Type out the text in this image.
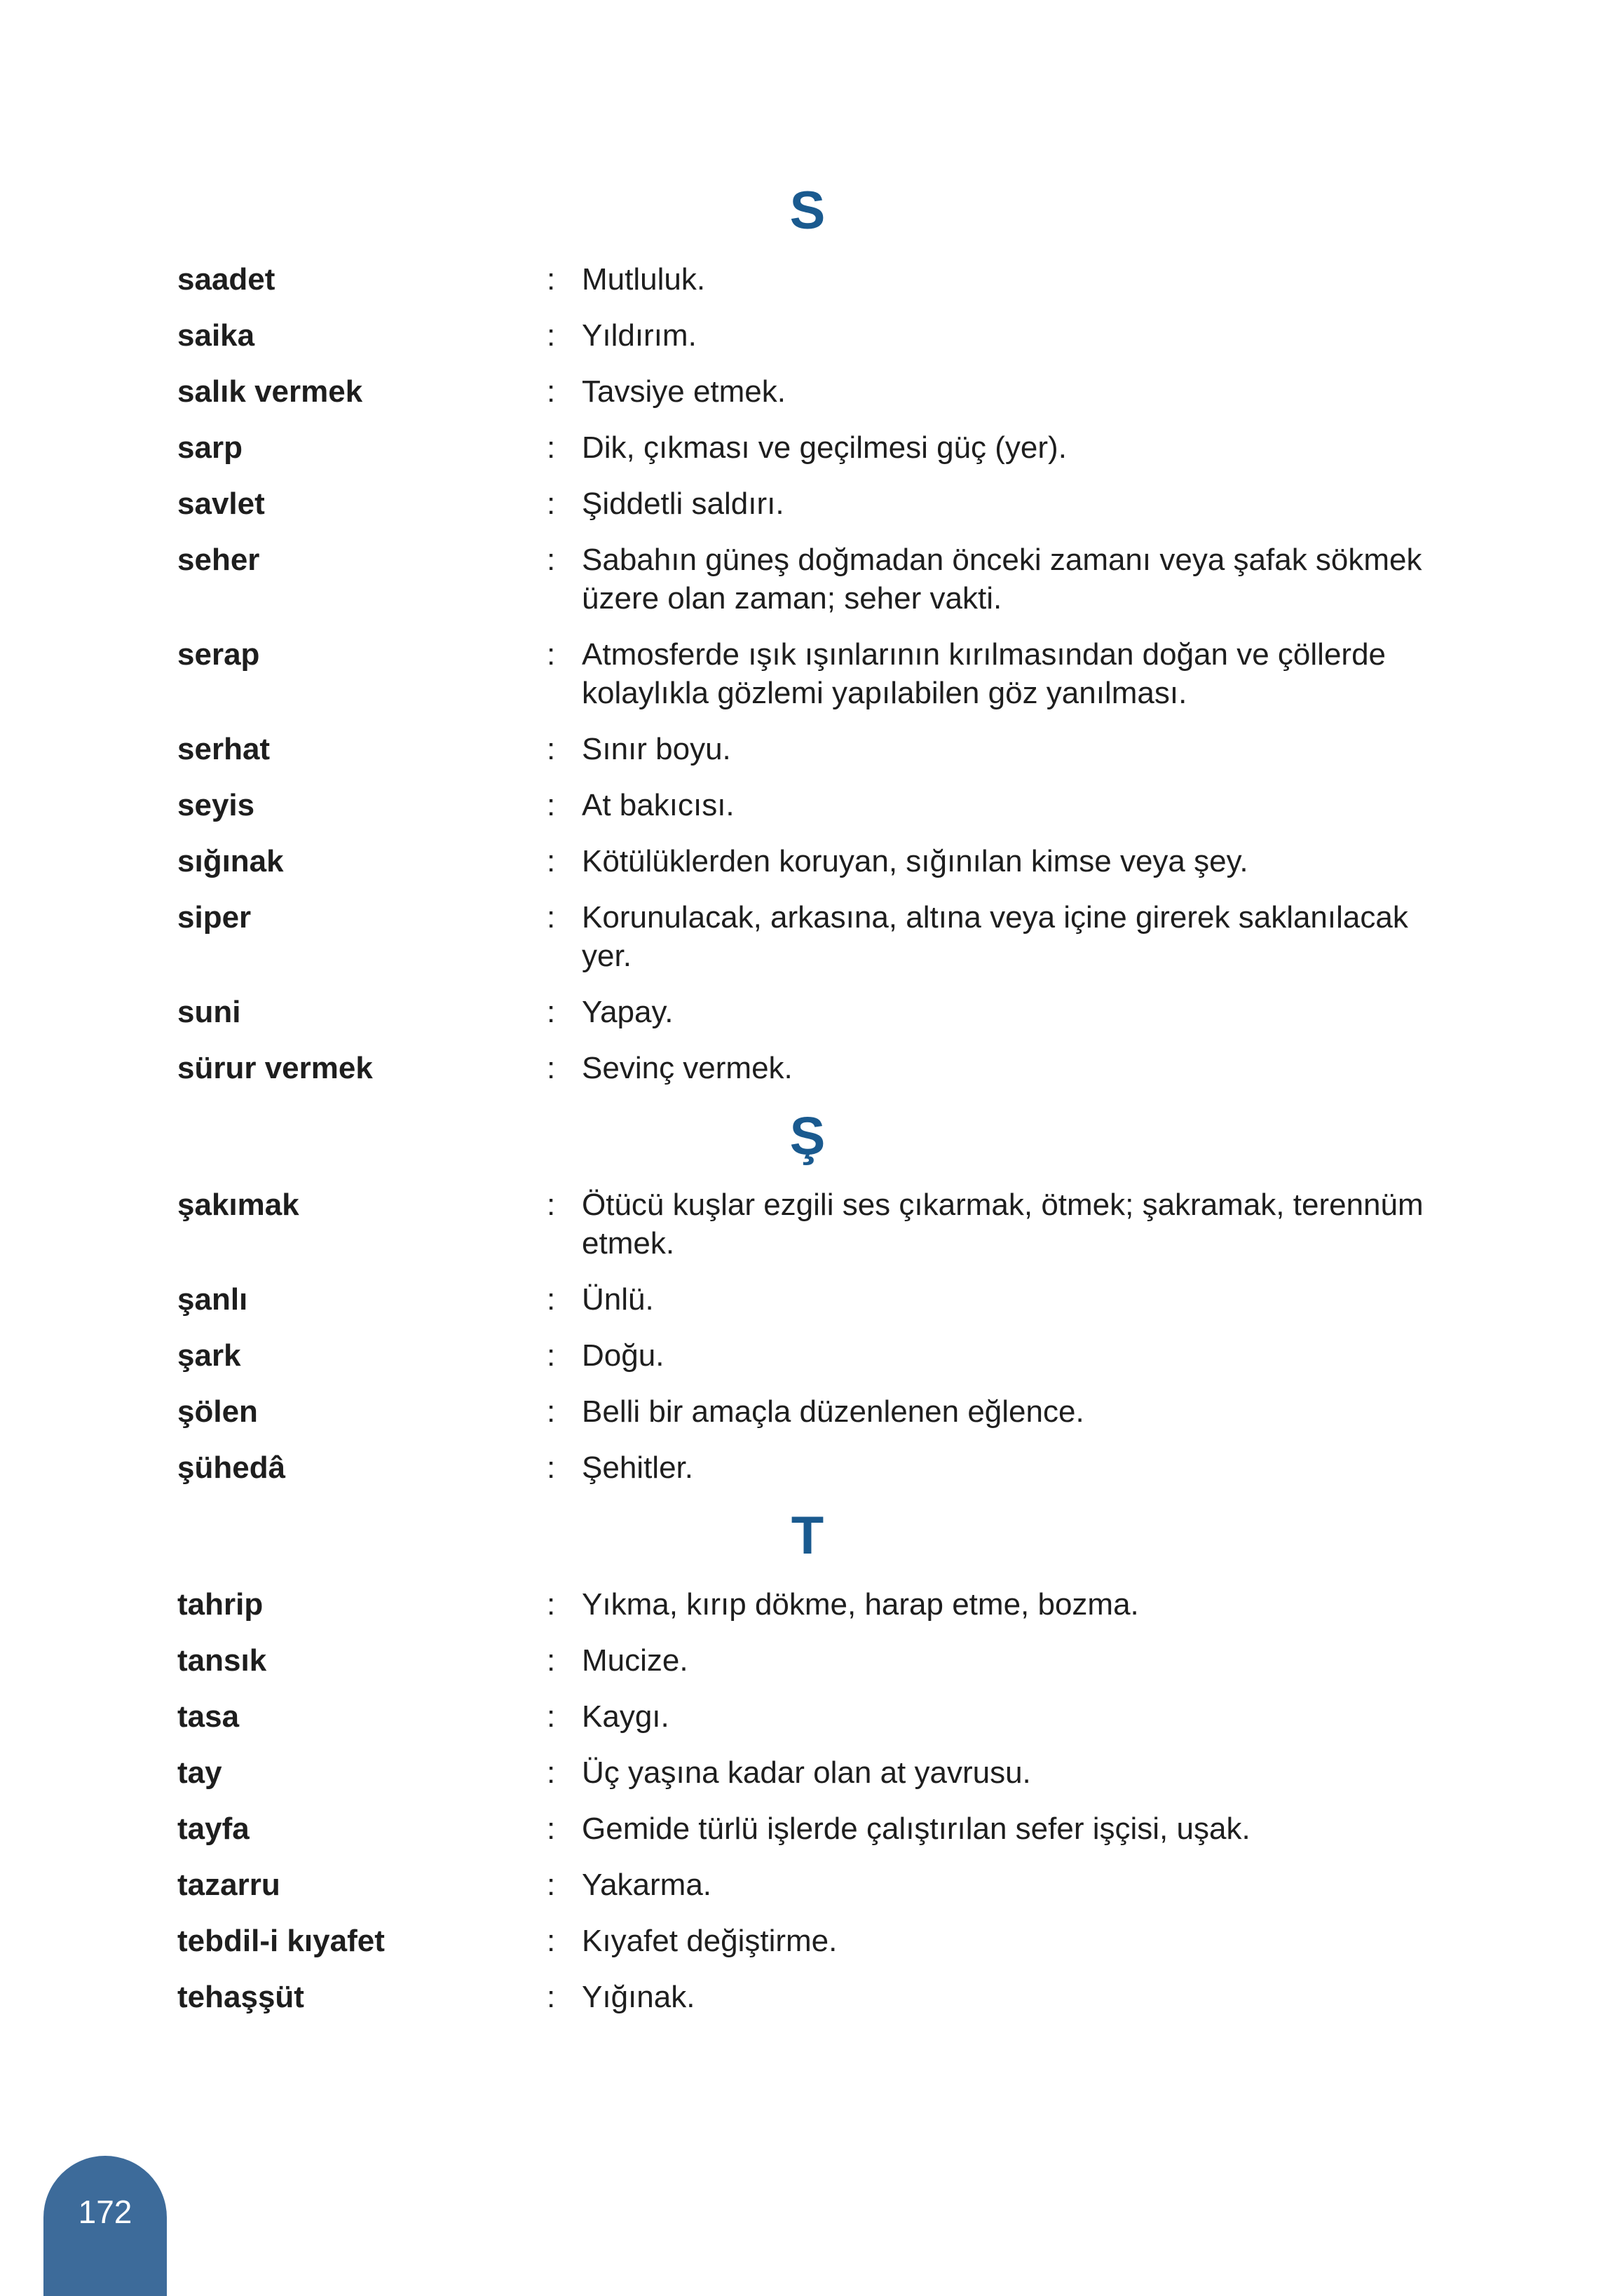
S
saadet	: Mutluluk.
saika	: Yıldırım.
salık vermek	: Tavsiye etmek.
sarp	: Dik, çıkması ve geçilmesi güç (yer).
savlet	: Şiddetli saldırı.
seher	: Sabahın güneş doğmadan önceki zamanı veya şafak sökmek üzere olan zaman; seher vakti.
serap	: Atmosferde ışık ışınlarının kırılmasından doğan ve çöllerde kolaylıkla gözlemi yapılabilen göz yanılması.
serhat	: Sınır boyu.
seyis	: At bakıcısı.
sığınak	: Kötülüklerden koruyan, sığınılan kimse veya şey.
siper	: Korunulacak, arkasına, altına veya içine girerek saklanılacak yer.
suni	: Yapay.
sürur vermek	: Sevinç vermek.
Ş
şakımak	: Ötücü kuşlar ezgili ses çıkarmak, ötmek; şakramak, terennüm etmek.
şanlı	: Ünlü.
şark	: Doğu.
şölen	: Belli bir amaçla düzenlenen eğlence.
şühedâ	: Şehitler.
T
tahrip	: Yıkma, kırıp dökme, harap etme, bozma.
tansık	: Mucize.
tasa	: Kaygı.
tay	: Üç yaşına kadar olan at yavrusu.
tayfa	: Gemide türlü işlerde çalıştırılan sefer işçisi, uşak.
tazarru	: Yakarma.
tebdil-i kıyafet	: Kıyafet değiştirme.
tehaşşüt	: Yığınak.
172
